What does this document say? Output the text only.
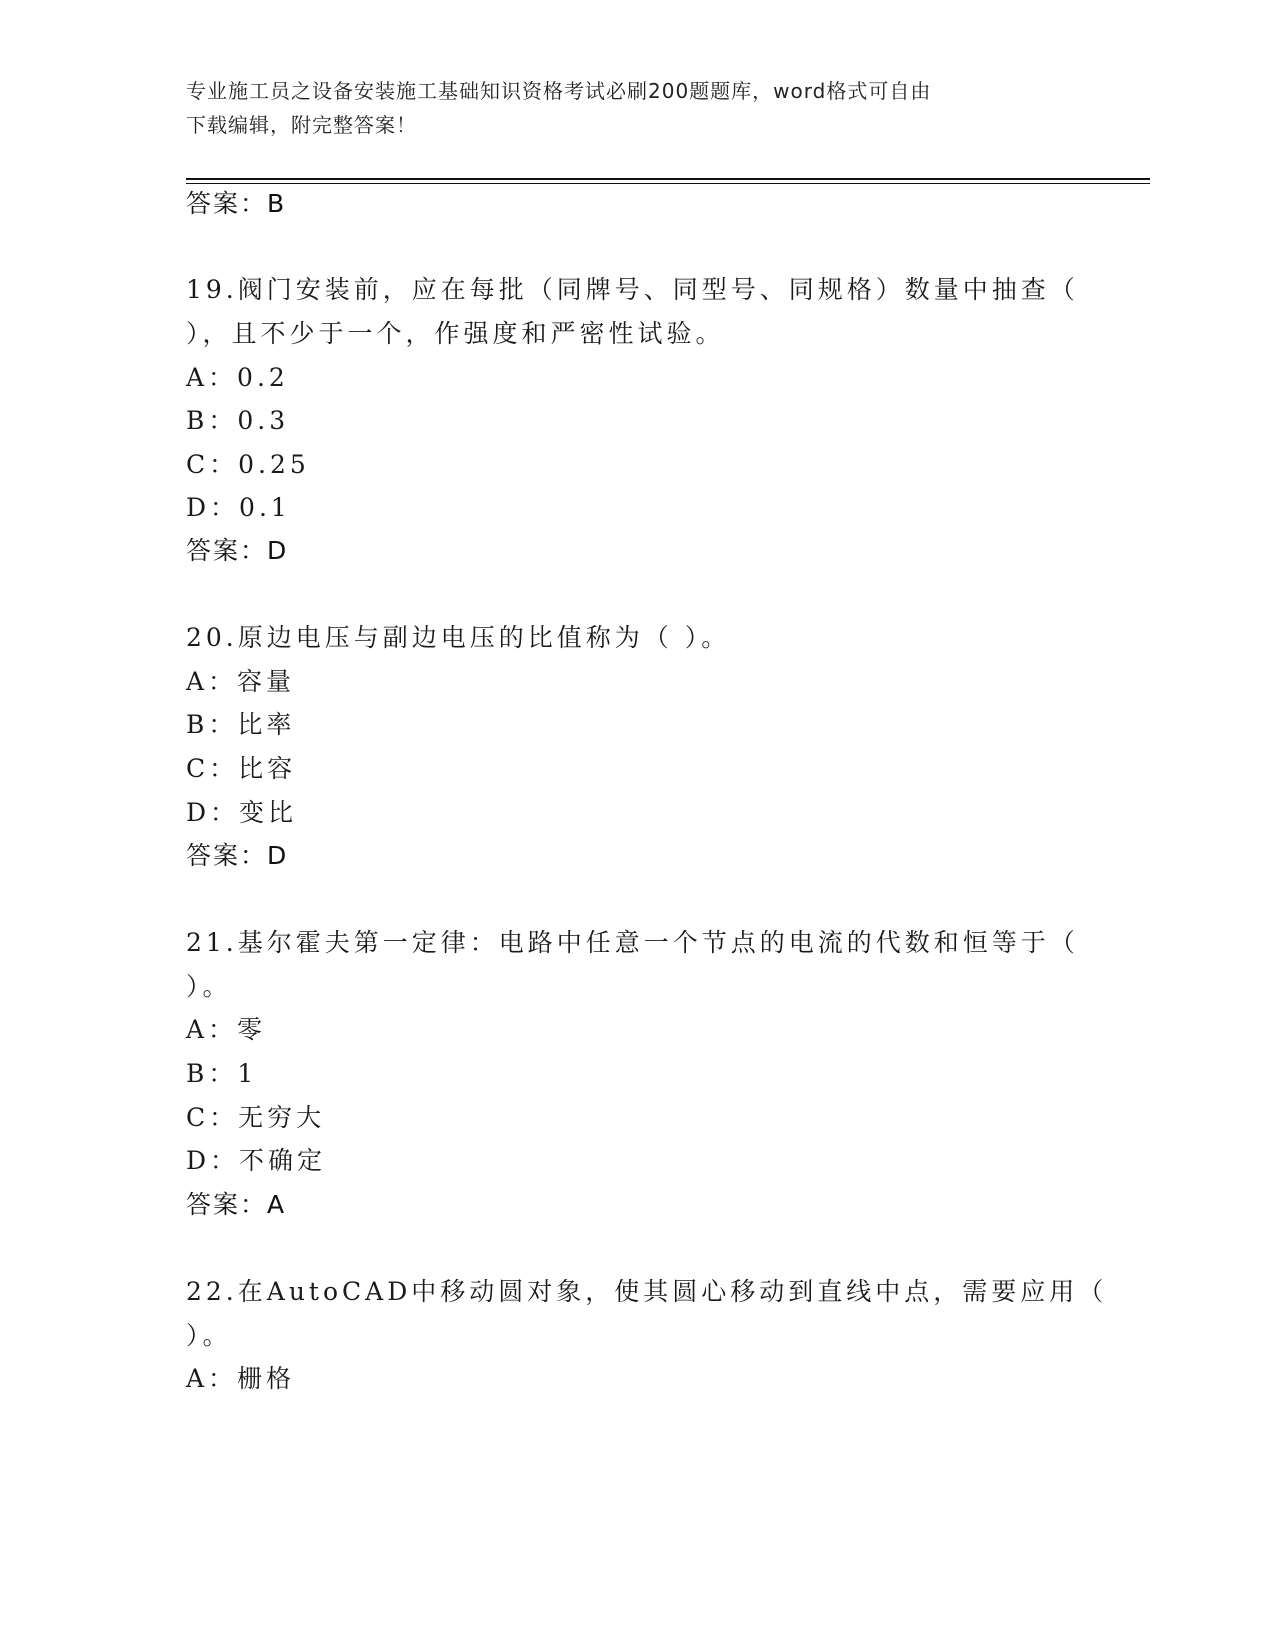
专业施工员之设备安装施工基础知识资格考试必刷200题题库，word格式可自由
下载编辑，附完整答案！
答案：B
19.阀门安装前，应在每批（同牌号、同型号、同规格）数量中抽查（
），且不少于一个，作强度和严密性试验。
A：0.2
B：0.3
C：0.25
D：0.1
答案：D
20.原边电压与副边电压的比值称为（ ）。
A：容量
B：比率
C：比容
D：变比
答案：D
21.基尔霍夫第一定律：电路中任意一个节点的电流的代数和恒等于（
）。
A：零
B：1
C：无穷大
D：不确定
答案：A
22.在AutoCAD中移动圆对象，使其圆心移动到直线中点，需要应用（
）。
A：栅格
